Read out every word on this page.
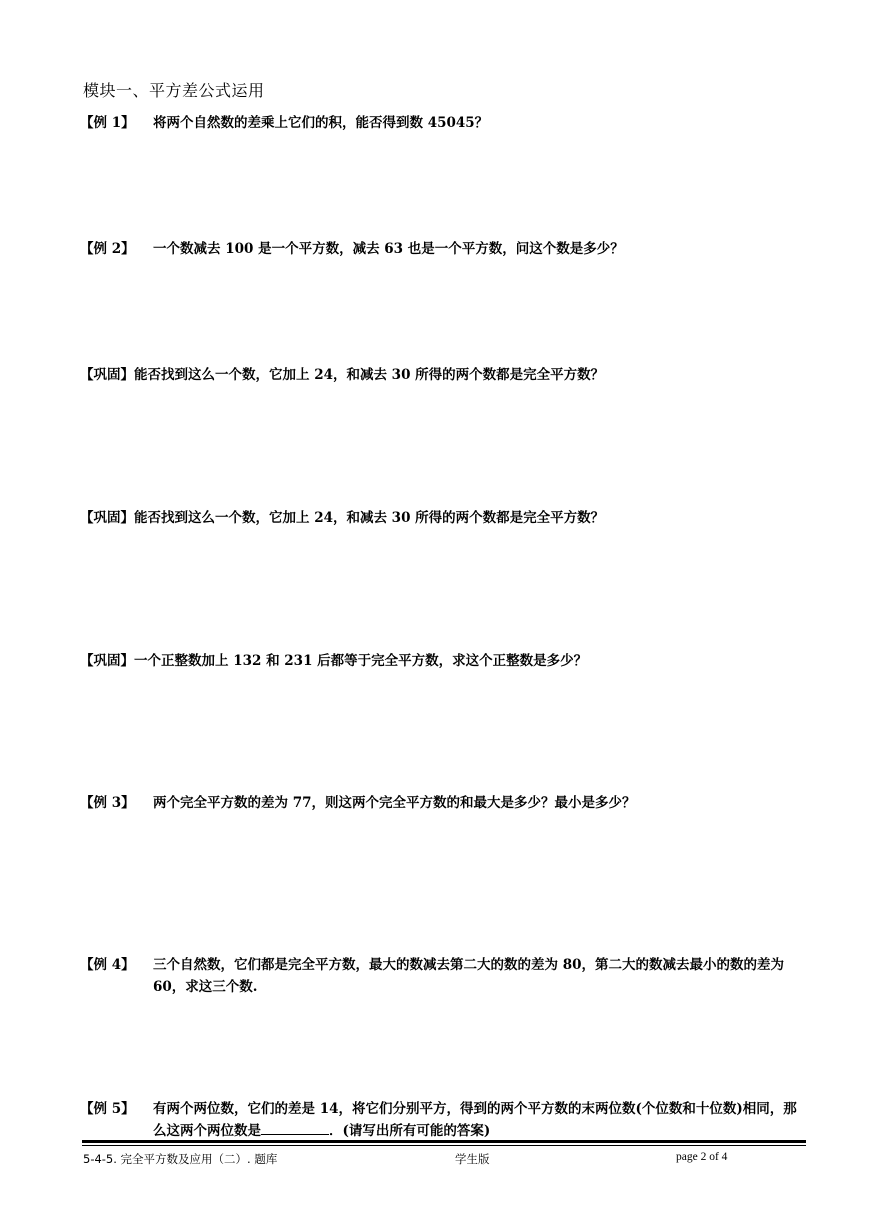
模块一、平方差公式运用
【例 1】	将两个自然数的差乘上它们的积，能否得到数 45045？
【例 2】	一个数减去 100 是一个平方数，减去 63 也是一个平方数，问这个数是多少？
【巩固】能否找到这么一个数，它加上 24，和减去 30 所得的两个数都是完全平方数？
【巩固】能否找到这么一个数，它加上 24，和减去 30 所得的两个数都是完全平方数？
【巩固】一个正整数加上 132 和 231 后都等于完全平方数，求这个正整数是多少？
【例 3】	两个完全平方数的差为 77，则这两个完全平方数的和最大是多少？最小是多少？
【例 4】	三个自然数，它们都是完全平方数，最大的数减去第二大的数的差为 80，第二大的数减去最小的数的差为 60，求这三个数.
【例 5】	有两个两位数，它们的差是 14，将它们分别平方，得到的两个平方数的末两位数(个位数和十位数)相同，那么这两个两位数是	．(请写出所有可能的答案)
5-4-5. 完全平方数及应用（二）. 题库	学生版	page 2 of 4
